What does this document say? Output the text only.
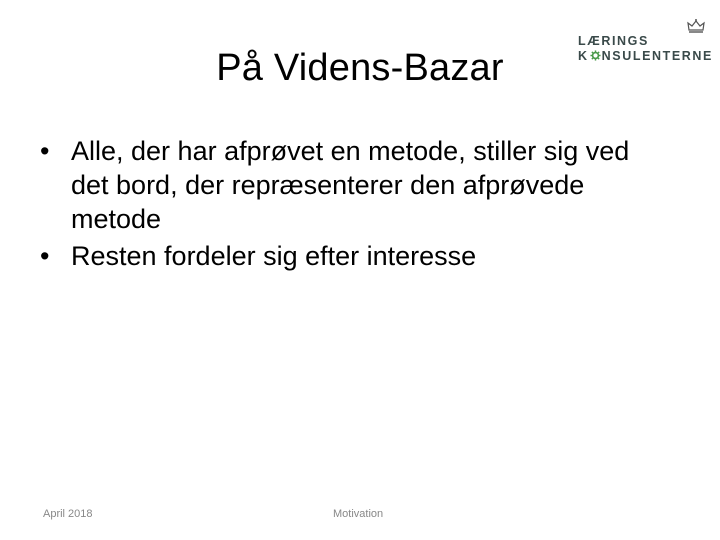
På Videns-Bazar
LÆRINGS
K NSULENTERNE
• Alle, der har afprøvet en metode, stiller sig ved det bord, der repræsenterer den afprøvede metode
• Resten fordeler sig efter interesse
April 2018	Motivation
